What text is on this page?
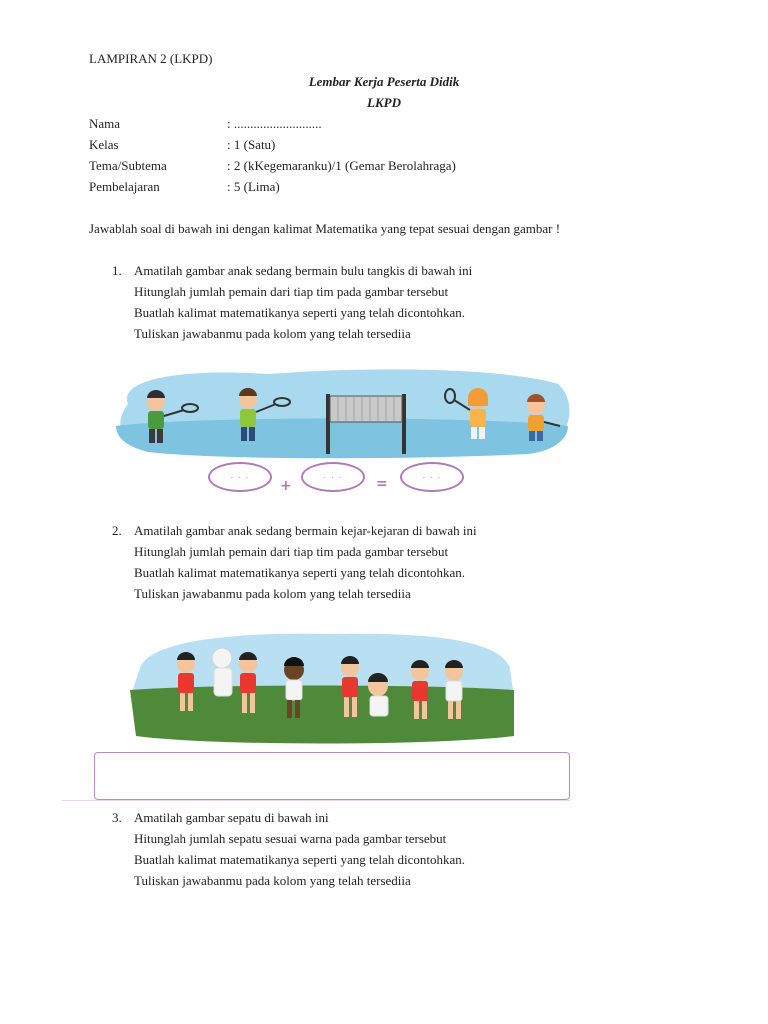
LAMPIRAN 2 (LKPD)
Lembar Kerja Peserta Didik
LKPD
Nama	: ...........................
Kelas	: 1 (Satu)
Tema/Subtema	: 2 (kKegemaranku)/1 (Gemar Berolahraga)
Pembelajaran	: 5 (Lima)
Jawablah soal di bawah ini dengan kalimat Matematika yang tepat sesuai dengan gambar !
1. Amatilah gambar anak sedang bermain bulu tangkis di bawah ini
Hitunglah jumlah pemain dari tiap tim pada gambar tersebut
Buatlah kalimat matematikanya seperti yang telah dicontohkan.
Tuliskan jawabanmu pada kolom yang telah tersediia
. . .
+
. . .	=	. . .
2. Amatilah gambar anak sedang bermain kejar-kejaran di bawah ini
Hitunglah jumlah pemain dari tiap tim pada gambar tersebut
Buatlah kalimat matematikanya seperti yang telah dicontohkan.
Tuliskan jawabanmu pada kolom yang telah tersediia
3. Amatilah gambar sepatu di bawah ini
Hitunglah jumlah sepatu sesuai warna pada gambar tersebut
Buatlah kalimat matematikanya seperti yang telah dicontohkan.
Tuliskan jawabanmu pada kolom yang telah tersediia
